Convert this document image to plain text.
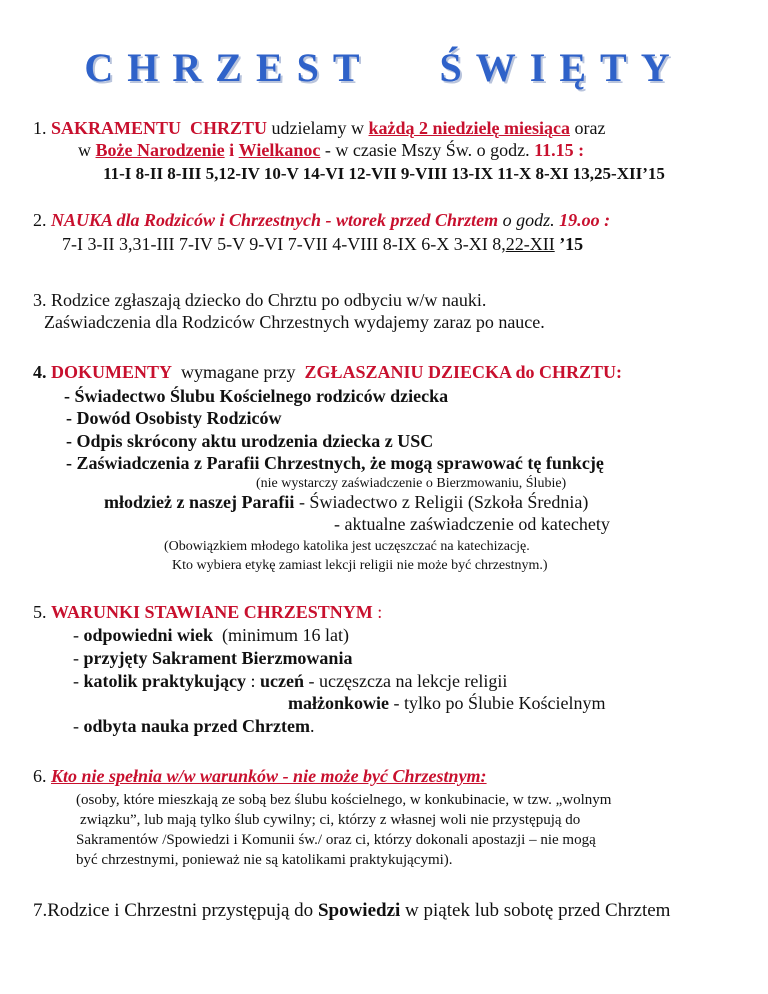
CHRZEST ŚWIĘTY
1. SAKRAMENTU CHRZTU udzielamy w każdą 2 niedzielę miesiąca oraz
w Boże Narodzenie i Wielkanoc - w czasie Mszy Św. o godz. 11.15 :
11-I 8-II 8-III 5,12-IV 10-V 14-VI 12-VII 9-VIII 13-IX 11-X 8-XI 13,25-XII’15
2. NAUKA dla Rodziców i Chrzestnych - wtorek przed Chrztem o godz. 19.oo :
7-I 3-II 3,31-III 7-IV 5-V 9-VI 7-VII 4-VIII 8-IX 6-X 3-XI 8,22-XII ’15
3. Rodzice zgłaszają dziecko do Chrztu po odbyciu w/w nauki.
Zaświadczenia dla Rodziców Chrzestnych wydajemy zaraz po nauce.
4. DOKUMENTY wymagane przy ZGŁASZANIU DZIECKA do CHRZTU:
- Świadectwo Ślubu Kościelnego rodziców dziecka
- Dowód Osobisty Rodziców
- Odpis skrócony aktu urodzenia dziecka z USC
- Zaświadczenia z Parafii Chrzestnych, że mogą sprawować tę funkcję
(nie wystarczy zaświadczenie o Bierzmowaniu, Ślubie)
młodzież z naszej Parafii - Świadectwo z Religii (Szkoła Średnia)
- aktualne zaświadczenie od katechety
(Obowiązkiem młodego katolika jest uczęszczać na katechizację.
Kto wybiera etykę zamiast lekcji religii nie może być chrzestnym.)
5. WARUNKI STAWIANE CHRZESTNYM :
- odpowiedni wiek (minimum 16 lat)
- przyjęty Sakrament Bierzmowania
- katolik praktykujący : uczeń - uczęszcza na lekcje religii
małżonkowie - tylko po Ślubie Kościelnym
- odbyta nauka przed Chrztem.
6. Kto nie spełnia w/w warunków - nie może być Chrzestnym:
(osoby, które mieszkają ze sobą bez ślubu kościelnego, w konkubinacie, w tzw. „wolnym
związku”, lub mają tylko ślub cywilny; ci, którzy z własnej woli nie przystępują do
Sakramentów /Spowiedzi i Komunii św./ oraz ci, którzy dokonali apostazji – nie mogą
być chrzestnymi, ponieważ nie są katolikami praktykującymi).
7.Rodzice i Chrzestni przystępują do Spowiedzi w piątek lub sobotę przed Chrztem
